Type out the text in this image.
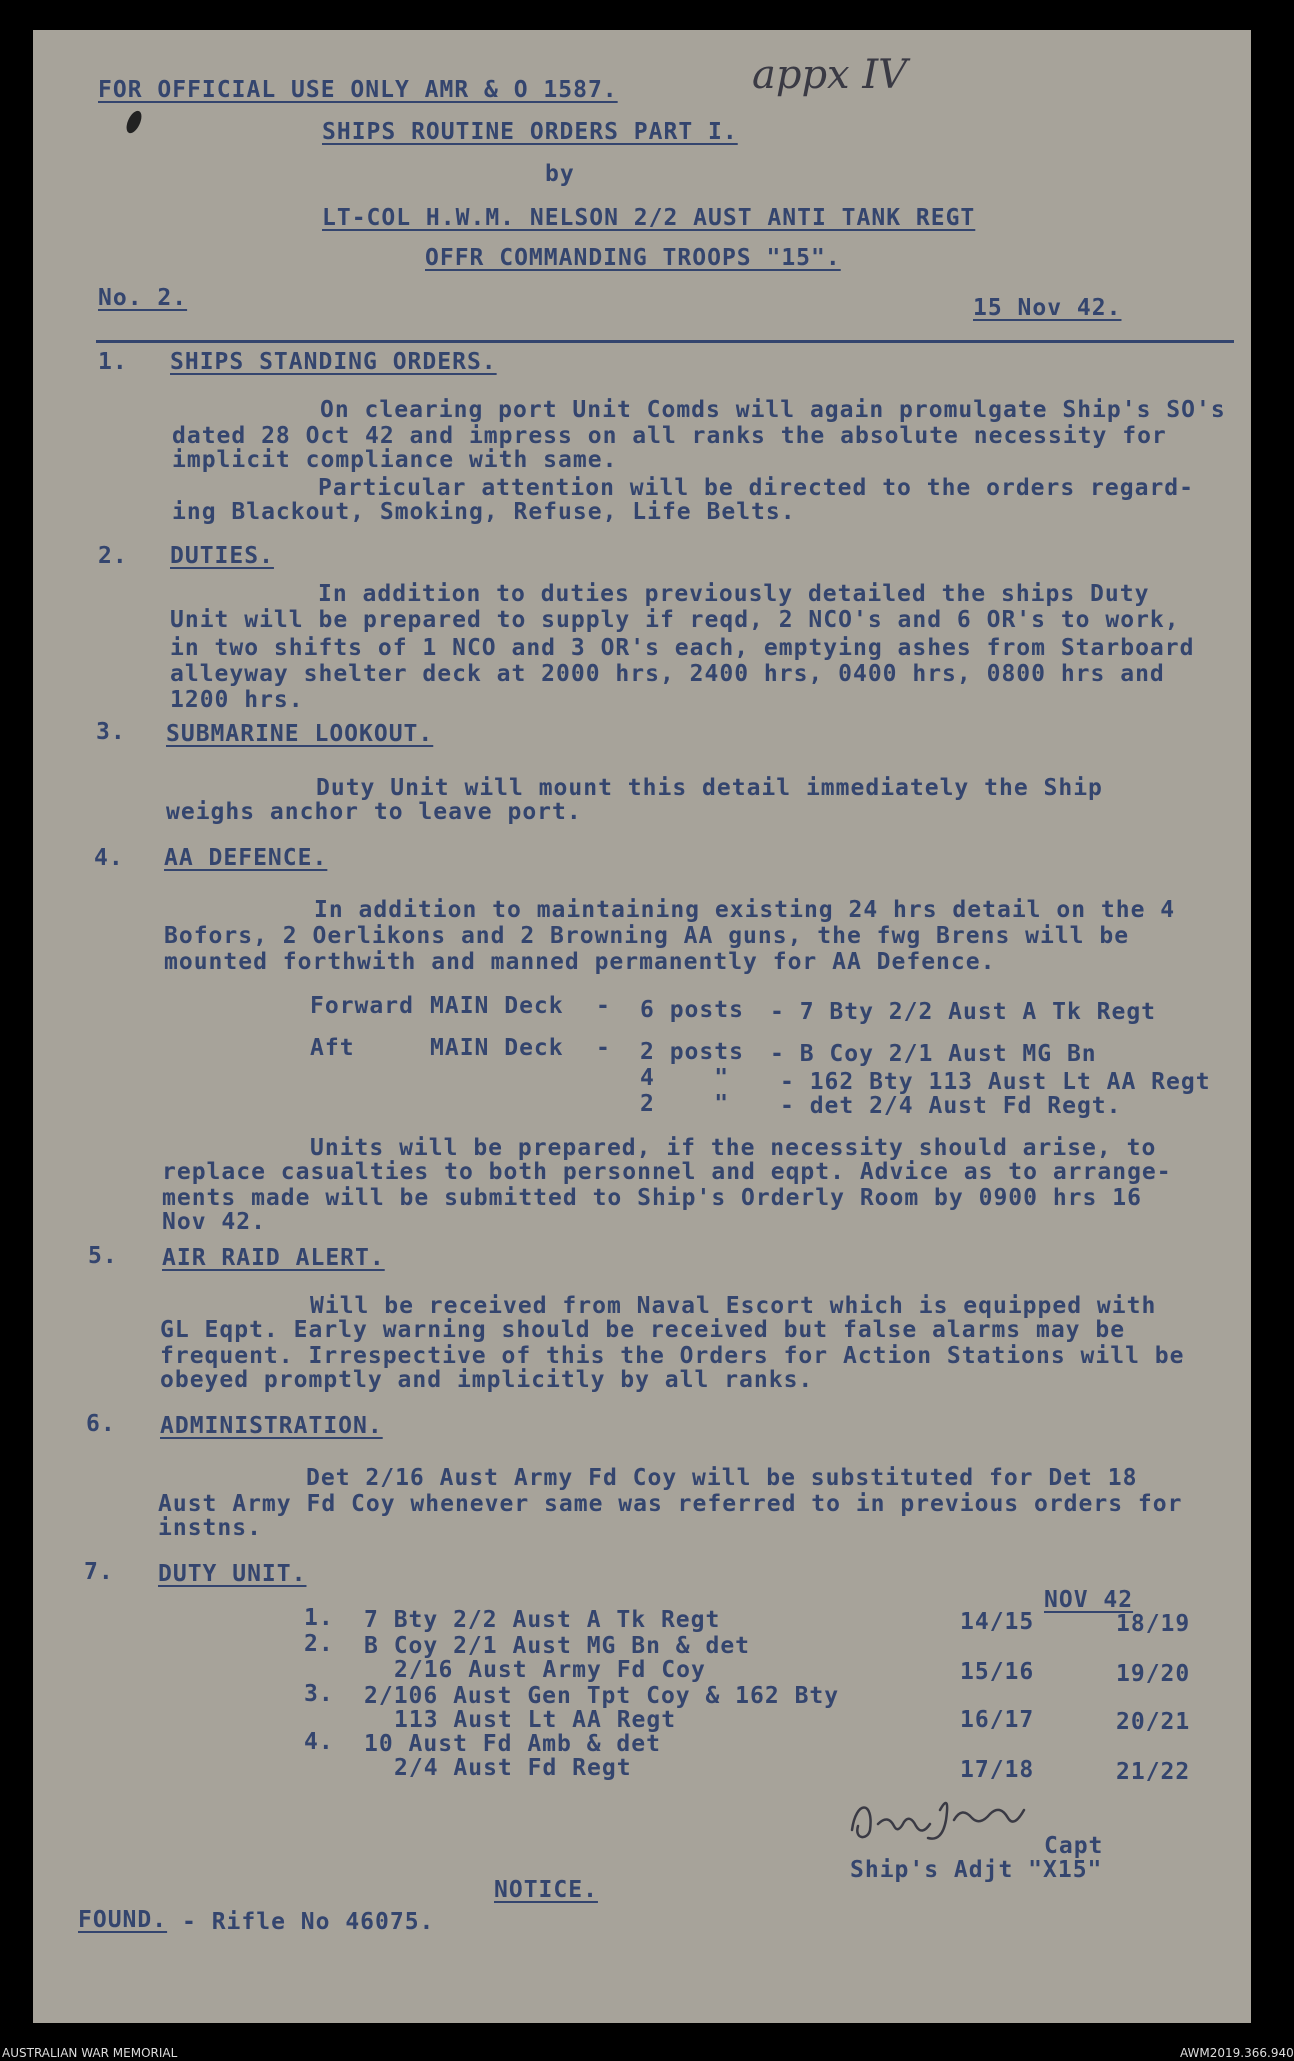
FOR OFFICIAL USE ONLY AMR & O 1587.	appx IV
SHIPS ROUTINE ORDERS PART I.
by
LT-COL H.W.M. NELSON 2/2 AUST ANTI TANK REGT
OFFR COMMANDING TROOPS "15".
No. 2.	15 Nov 42.
1. SHIPS STANDING ORDERS.
On clearing port Unit Comds will again promulgate Ship's SO's
dated 28 Oct 42 and impress on all ranks the absolute necessity for
implicit compliance with same.
Particular attention will be directed to the orders regard-
ing Blackout, Smoking, Refuse, Life Belts.
2. DUTIES.
In addition to duties previously detailed the ships Duty
Unit will be prepared to supply if reqd, 2 NCO's and 6 OR's to work,
in two shifts of 1 NCO and 3 OR's each, emptying ashes from Starboard
alleyway shelter deck at 2000 hrs, 2400 hrs, 0400 hrs, 0800 hrs and
1200 hrs.
3. SUBMARINE LOOKOUT.
Duty Unit will mount this detail immediately the Ship
weighs anchor to leave port.
4. AA DEFENCE.
In addition to maintaining existing 24 hrs detail on the 4
Bofors, 2 Oerlikons and 2 Browning AA guns, the fwg Brens will be
mounted forthwith and manned permanently for AA Defence.
Forward MAIN Deck - 6 posts - 7 Bty 2/2 Aust A Tk Regt
Aft	MAIN Deck - 2 posts - B Coy 2/1 Aust MG Bn
4    " - 162 Bty 113 Aust Lt AA Regt
2    " - det 2/4 Aust Fd Regt.
Units will be prepared, if the necessity should arise, to
replace casualties to both personnel and eqpt. Advice as to arrange-
ments made will be submitted to Ship's Orderly Room by 0900 hrs 16
Nov 42.
5. AIR RAID ALERT.
Will be received from Naval Escort which is equipped with
GL Eqpt. Early warning should be received but false alarms may be
frequent. Irrespective of this the Orders for Action Stations will be
obeyed promptly and implicitly by all ranks.
6. ADMINISTRATION.
Det 2/16 Aust Army Fd Coy will be substituted for Det 18
Aust Army Fd Coy whenever same was referred to in previous orders for
instns.
7. DUTY UNIT.
NOV 42
1. 7 Bty 2/2 Aust A Tk Regt	14/15	18/19
2. B Coy 2/1 Aust MG Bn & det
2/16 Aust Army Fd Coy	15/16	19/20
3. 2/106 Aust Gen Tpt Coy & 162 Bty
113 Aust Lt AA Regt	16/17	20/21
4. 10 Aust Fd Amb & det
2/4 Aust Fd Regt	17/18	21/22
Capt
Ship's Adjt "X15"
NOTICE.
FOUND. - Rifle No 46075.
AUSTRALIAN WAR MEMORIAL	AWM2019.366.940
